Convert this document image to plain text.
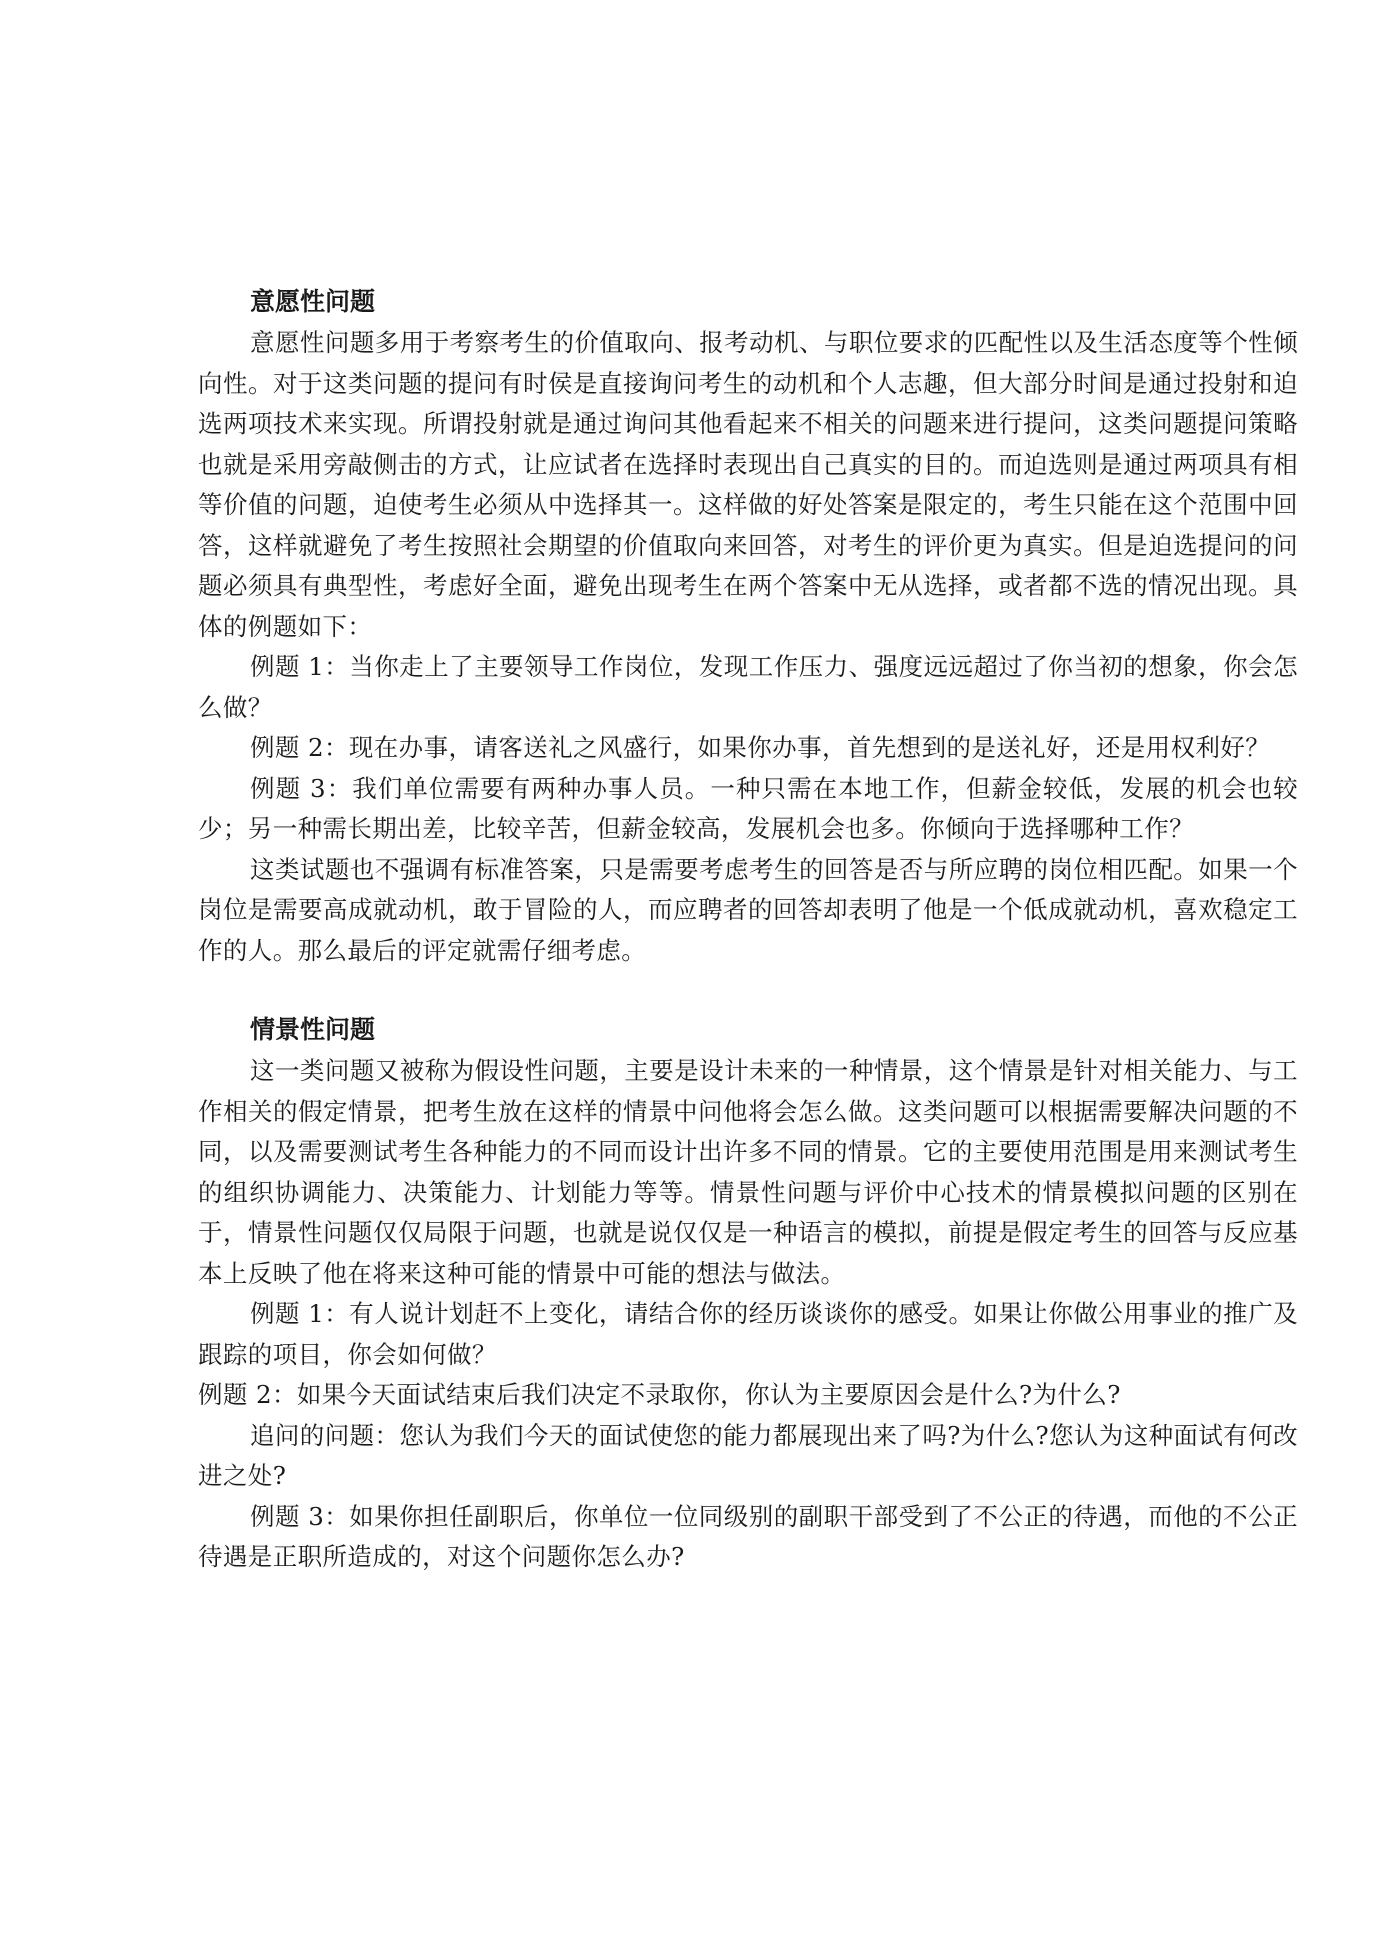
意愿性问题

意愿性问题多用于考察考生的价值取向、报考动机、与职位要求的匹配性以及生活态度等个性倾向性。对于这类问题的提问有时侯是直接询问考生的动机和个人志趣，但大部分时间是通过投射和迫选两项技术来实现。所谓投射就是通过询问其他看起来不相关的问题来进行提问，这类问题提问策略也就是采用旁敲侧击的方式，让应试者在选择时表现出自己真实的目的。而迫选则是通过两项具有相等价值的问题，迫使考生必须从中选择其一。这样做的好处答案是限定的，考生只能在这个范围中回答，这样就避免了考生按照社会期望的价值取向来回答，对考生的评价更为真实。但是迫选提问的问题必须具有典型性，考虑好全面，避免出现考生在两个答案中无从选择，或者都不选的情况出现。具体的例题如下：

例题 1：当你走上了主要领导工作岗位，发现工作压力、强度远远超过了你当初的想象，你会怎么做？

例题 2：现在办事，请客送礼之风盛行，如果你办事，首先想到的是送礼好，还是用权利好？

例题 3：我们单位需要有两种办事人员。一种只需在本地工作，但薪金较低，发展的机会也较少；另一种需长期出差，比较辛苦，但薪金较高，发展机会也多。你倾向于选择哪种工作？

这类试题也不强调有标准答案，只是需要考虑考生的回答是否与所应聘的岗位相匹配。如果一个岗位是需要高成就动机，敢于冒险的人，而应聘者的回答却表明了他是一个低成就动机，喜欢稳定工作的人。那么最后的评定就需仔细考虑。

情景性问题

这一类问题又被称为假设性问题，主要是设计未来的一种情景，这个情景是针对相关能力、与工作相关的假定情景，把考生放在这样的情景中问他将会怎么做。这类问题可以根据需要解决问题的不同，以及需要测试考生各种能力的不同而设计出许多不同的情景。它的主要使用范围是用来测试考生的组织协调能力、决策能力、计划能力等等。情景性问题与评价中心技术的情景模拟问题的区别在于，情景性问题仅仅局限于问题，也就是说仅仅是一种语言的模拟，前提是假定考生的回答与反应基本上反映了他在将来这种可能的情景中可能的想法与做法。

例题 1：有人说计划赶不上变化，请结合你的经历谈谈你的感受。如果让你做公用事业的推广及跟踪的项目，你会如何做？

例题 2：如果今天面试结束后我们决定不录取你，你认为主要原因会是什么?为什么?

追问的问题：您认为我们今天的面试使您的能力都展现出来了吗?为什么?您认为这种面试有何改进之处?

例题 3：如果你担任副职后，你单位一位同级别的副职干部受到了不公正的待遇，而他的不公正待遇是正职所造成的，对这个问题你怎么办?
